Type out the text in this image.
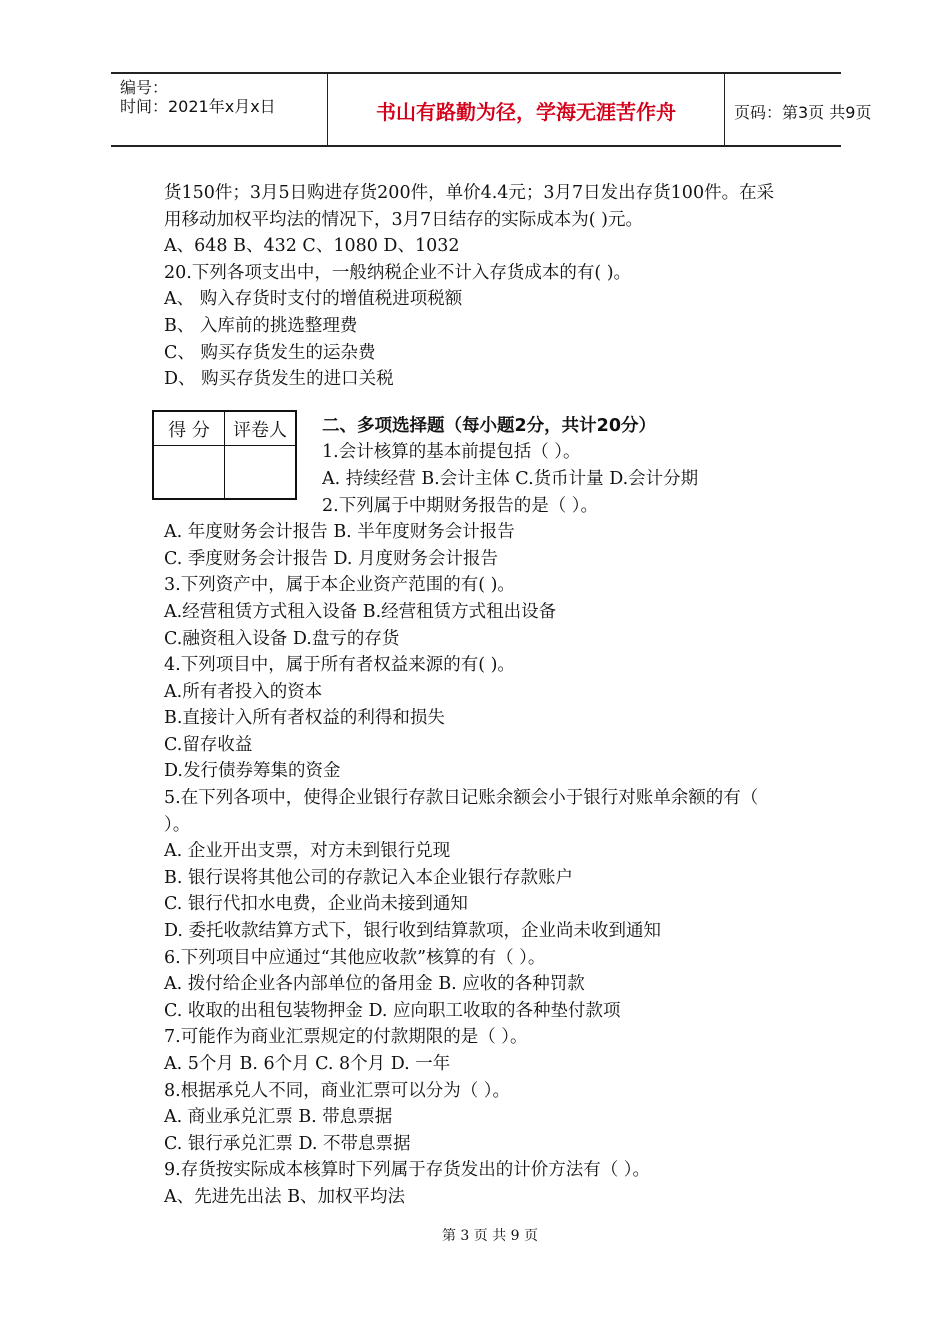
编号：
时间：2021年x月x日	书山有路勤为径，学海无涯苦作舟	页码：第3页 共9页
得 分	评卷人

货150件；3月5日购进存货200件，单价4.4元；3月7日发出存货100件。在采
用移动加权平均法的情况下，3月7日结存的实际成本为( )元。
A、648 B、432 C、1080 D、1032
20.下列各项支出中，一般纳税企业不计入存货成本的有( )。
A、 购入存货时支付的增值税进项税额
B、 入库前的挑选整理费
C、 购买存货发生的运杂费
D、 购买存货发生的进口关税
二、多项选择题（每小题2分，共计20分）
1.会计核算的基本前提包括（ ）。
A. 持续经营 B.会计主体 C.货币计量 D.会计分期
2.下列属于中期财务报告的是（ ）。
A. 年度财务会计报告 B. 半年度财务会计报告
C. 季度财务会计报告 D. 月度财务会计报告
3.下列资产中，属于本企业资产范围的有( )。
A.经营租赁方式租入设备 B.经营租赁方式租出设备
C.融资租入设备 D.盘亏的存货
4.下列项目中，属于所有者权益来源的有( )。
A.所有者投入的资本
B.直接计入所有者权益的利得和损失
C.留存收益
D.发行债券筹集的资金
5.在下列各项中，使得企业银行存款日记账余额会小于银行对账单余额的有（
）。
A. 企业开出支票，对方未到银行兑现
B. 银行误将其他公司的存款记入本企业银行存款账户
C. 银行代扣水电费，企业尚未接到通知
D. 委托收款结算方式下，银行收到结算款项，企业尚未收到通知
6.下列项目中应通过“其他应收款”核算的有（ ）。
A. 拨付给企业各内部单位的备用金 B. 应收的各种罚款
C. 收取的出租包装物押金 D. 应向职工收取的各种垫付款项
7.可能作为商业汇票规定的付款期限的是（ ）。
A. 5个月 B. 6个月 C. 8个月 D. 一年
8.根据承兑人不同，商业汇票可以分为（ ）。
A. 商业承兑汇票 B. 带息票据
C. 银行承兑汇票 D. 不带息票据
9.存货按实际成本核算时下列属于存货发出的计价方法有（ ）。
A、先进先出法 B、加权平均法
第 3 页 共 9 页
